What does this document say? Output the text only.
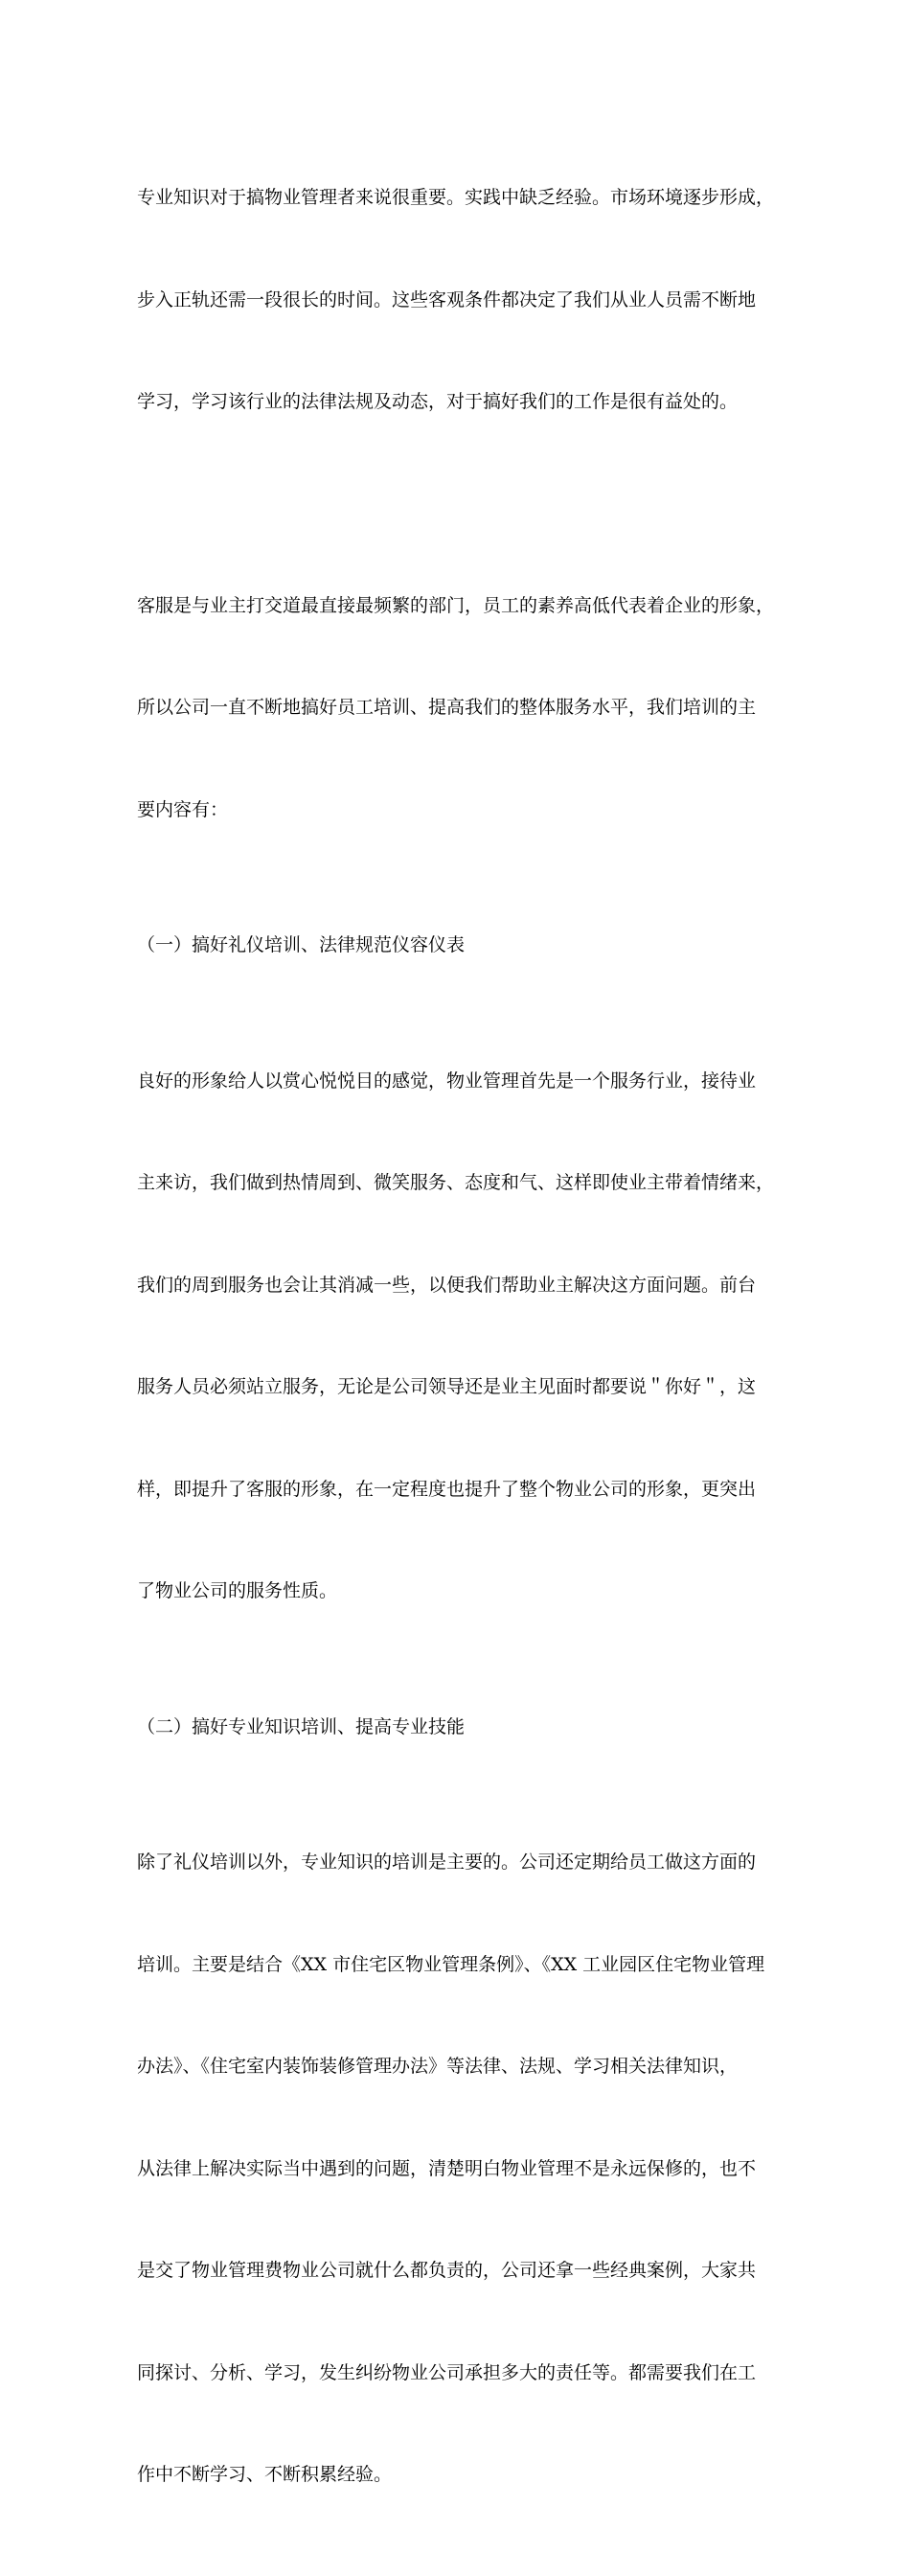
专业知识对于搞物业管理者来说很重要。实践中缺乏经验。市场环境逐步形成，

步入正轨还需一段很长的时间。这些客观条件都决定了我们从业人员需不断地

学习，学习该行业的法律法规及动态，对于搞好我们的工作是很有益处的。

客服是与业主打交道最直接最频繁的部门，员工的素养高低代表着企业的形象，

所以公司一直不断地搞好员工培训、提高我们的整体服务水平，我们培训的主

要内容有：

（一）搞好礼仪培训、法律规范仪容仪表

良好的形象给人以赏心悦悦目的感觉，物业管理首先是一个服务行业，接待业

主来访，我们做到热情周到、微笑服务、态度和气、这样即使业主带着情绪来，

我们的周到服务也会让其消减一些，以便我们帮助业主解决这方面问题。前台

服务人员必须站立服务，无论是公司领导还是业主见面时都要说＂你好＂，这

样，即提升了客服的形象，在一定程度也提升了整个物业公司的形象，更突出

了物业公司的服务性质。

（二）搞好专业知识培训、提高专业技能

除了礼仪培训以外，专业知识的培训是主要的。公司还定期给员工做这方面的

培训。主要是结合《XX 市住宅区物业管理条例》、《XX 工业园区住宅物业管理

办法》、《住宅室内装饰装修管理办法》等法律、法规、学习相关法律知识，

从法律上解决实际当中遇到的问题，清楚明白物业管理不是永远保修的，也不

是交了物业管理费物业公司就什么都负责的，公司还拿一些经典案例，大家共

同探讨、分析、学习，发生纠纷物业公司承担多大的责任等。都需要我们在工

作中不断学习、不断积累经验。
